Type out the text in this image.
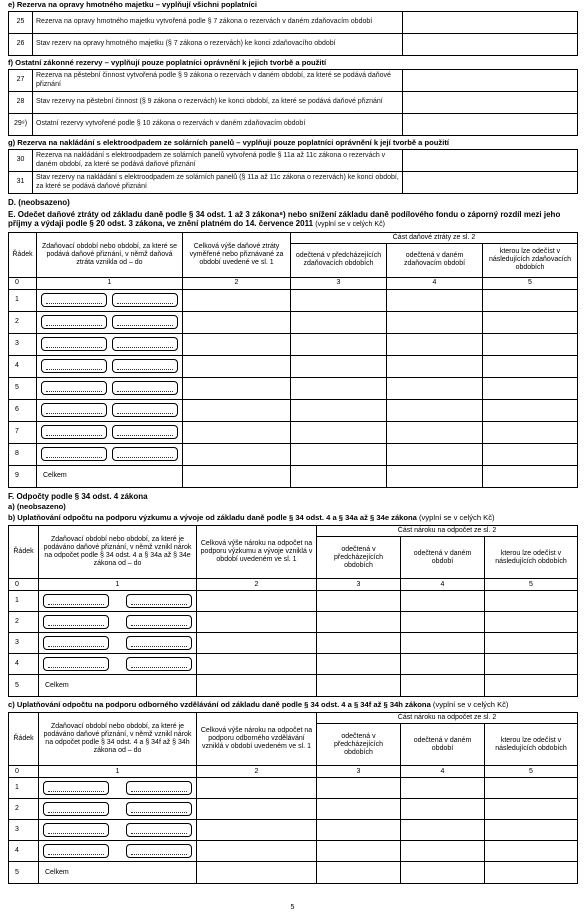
e) Rezerva na opravy hmotného majetku – vyplňují všichni poplatníci
25	Rezerva na opravy hmotného majetku vytvořená podle § 7 zákona o rezervách v daném zdaňovacím období	
26	Stav rezerv na opravy hmotného majetku (§ 7 zákona o rezervách) ke konci zdaňovacího období	
f) Ostatní zákonné rezervy – vyplňují pouze poplatníci oprávnění k jejich tvorbě a použití
27	Rezerva na pěstební činnost vytvořená podle § 9 zákona o rezervách v daném období, za které se podává daňové přiznání	
28	Stav rezervy na pěstební činnost (§ 9 zákona o rezervách) ke konci období, za které se podává daňové přiznání	
29⁹)	Ostatní rezervy vytvořené podle § 10 zákona o rezervách v daném zdaňovacím období	
g) Rezerva na nakládání s elektroodpadem ze solárních panelů – vyplňují pouze poplatníci oprávnění k její tvorbě a použití
30	Rezerva na nakládání s elektroodpadem ze solárních panelů vytvořená podle § 11a až 11c zákona o rezervách v daném období, za které se podává daňové přiznání	
31	Stav rezervy na nakládání s elektroodpadem ze solárních panelů (§ 11a až 11c zákona o rezervách) ke konci období, za které se podává daňové přiznání	
D. (neobsazeno)
E. Odečet daňové ztráty od základu daně podle § 34 odst. 1 až 3 zákona⁸) nebo snížení základu daně podílového fondu o záporný rozdíl mezi jeho příjmy a výdaji podle § 20 odst. 3 zákona, ve znění platném do 14. července 2011 (vyplní se v celých Kč)
Řádek	Zdaňovací období nebo období, za které se podává daňové přiznání, v němž daňová ztráta vznikla od – do	Celková výše daňové ztráty vyměřené nebo přiznávané za období uvedené ve sl. 1	Část daňové ztráty ze sl. 2		
			odečtená v předcházejících zdaňovacích obdobích	odečtená v daném zdaňovacím období	kterou lze odečíst v následujících zdaňovacích obdobích
0	1	2	3	4	5
1	

2	

3	

4	

5	

6	

7	

8	

9	Celkem				
F. Odpočty podle § 34 odst. 4 zákona
a) (neobsazeno)
b) Uplatňování odpočtu na podporu výzkumu a vývoje od základu daně podle § 34 odst. 4 a § 34a až § 34e zákona (vyplní se v celých Kč)
Řádek	Zdaňovací období nebo období, za které je podáváno daňové přiznání, v němž vznikl nárok na odpočet podle § 34 odst. 4 a § 34a až § 34e zákona od – do	Celková výše nároku na odpočet na podporu výzkumu a vývoje vzniklá v období uvedeném ve sl. 1	Část nároku na odpočet ze sl. 2		
			odečtená v předcházejících obdobích	odečtená v daném období	kterou lze odečíst v následujících obdobích
0	1	2	3	4	5
1	

2	

3	

4	

5	Celkem				
c) Uplatňování odpočtu na podporu odborného vzdělávání od základu daně podle § 34 odst. 4 a § 34f až § 34h zákona (vyplní se v celých Kč)
Řádek	Zdaňovací období nebo období, za které je podáváno daňové přiznání, v němž vznikl nárok na odpočet podle § 34 odst. 4 a § 34f až § 34h zákona od – do	Celková výše nároku na odpočet na podporu odborného vzdělávání vzniklá v období uvedeném ve sl. 1	Část nároku na odpočet ze sl. 2		
			odečtená v předcházejících obdobích	odečtená v daném období	kterou lze odečíst v následujících obdobích
0	1	2	3	4	5
1	

2	

3	

4	

5	Celkem				
5
